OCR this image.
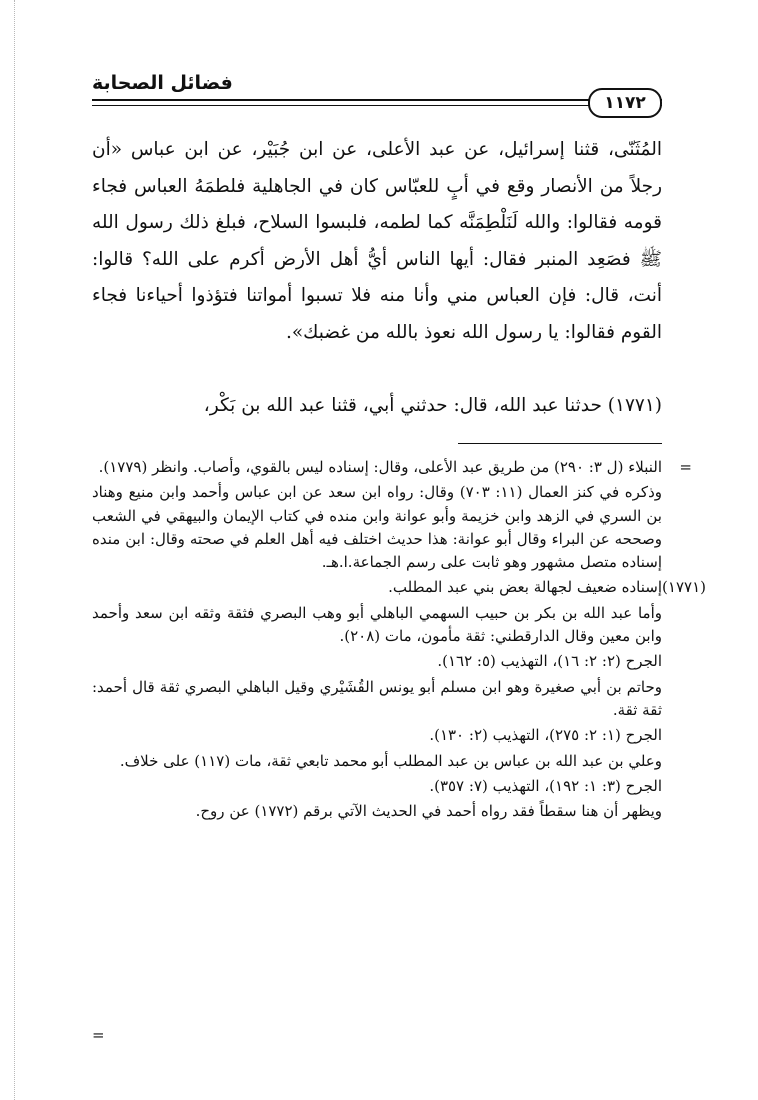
فضائل الصحابة
١١٧٢

المُثَنّى، قثنا إسرائيل، عن عبد الأعلى، عن ابن جُبَيْر، عن ابن عباس «أن رجلاً من الأنصار وقع في أبٍ للعبّاس كان في الجاهلية فلطمَهُ العباس فجاء قومه فقالوا: والله لَنَلْطِمَنَّه كما لطمه، فلبسوا السلاح، فبلغ ذلك رسول الله ﷺ فصَعِد المنبر فقال: أيها الناس أيُّ أهل الأرض أكرم على الله؟ قالوا: أنت، قال: فإن العباس مني وأنا منه فلا تسبوا أمواتنا فتؤذوا أحياءنا فجاء القوم فقالوا: يا رسول الله نعوذ بالله من غضبك».

(١٧٧١) حدثنا عبد الله، قال: حدثني أبي، قثنا عبد الله بن بَكْر،
=

النبلاء (ل ٣: ٢٩٠) من طريق عبد الأعلى، وقال: إسناده ليس بالقوي، وأصاب. وانظر (١٧٧٩).

وذكره في كنز العمال (١١: ٧٠٣) وقال: رواه ابن سعد عن ابن عباس وأحمد وابن منيع وهناد بن السري في الزهد وابن خزيمة وأبو عوانة وابن منده في كتاب الإيمان والبيهقي في الشعب وصححه عن البراء وقال أبو عوانة: هذا حديث اختلف فيه أهل العلم في صحته وقال: ابن منده إسناده متصل مشهور وهو ثابت على رسم الجماعة.ا.هـ.

(١٧٧١)

إسناده ضعيف لجهالة بعض بني عبد المطلب.

وأما عبد الله بن بكر بن حبيب السهمي الباهلي أبو وهب البصري فثقة وثقه ابن سعد وأحمد وابن معين وقال الدارقطني: ثقة مأمون، مات (٢٠٨).

الجرح (٢: ٢: ١٦)، التهذيب (٥: ١٦٢).

وحاتم بن أبي صغيرة وهو ابن مسلم أبو يونس القُشَيْري وقيل الباهلي البصري ثقة قال أحمد: ثقة ثقة.

الجرح (١: ٢: ٢٧٥)، التهذيب (٢: ١٣٠).

وعلي بن عبد الله بن عباس بن عبد المطلب أبو محمد تابعي ثقة، مات (١١٧) على خلاف.

الجرح (٣: ١: ١٩٢)، التهذيب (٧: ٣٥٧).

ويظهر أن هنا سقطاً فقد رواه أحمد في الحديث الآتي برقم (١٧٧٢) عن روح.

=
